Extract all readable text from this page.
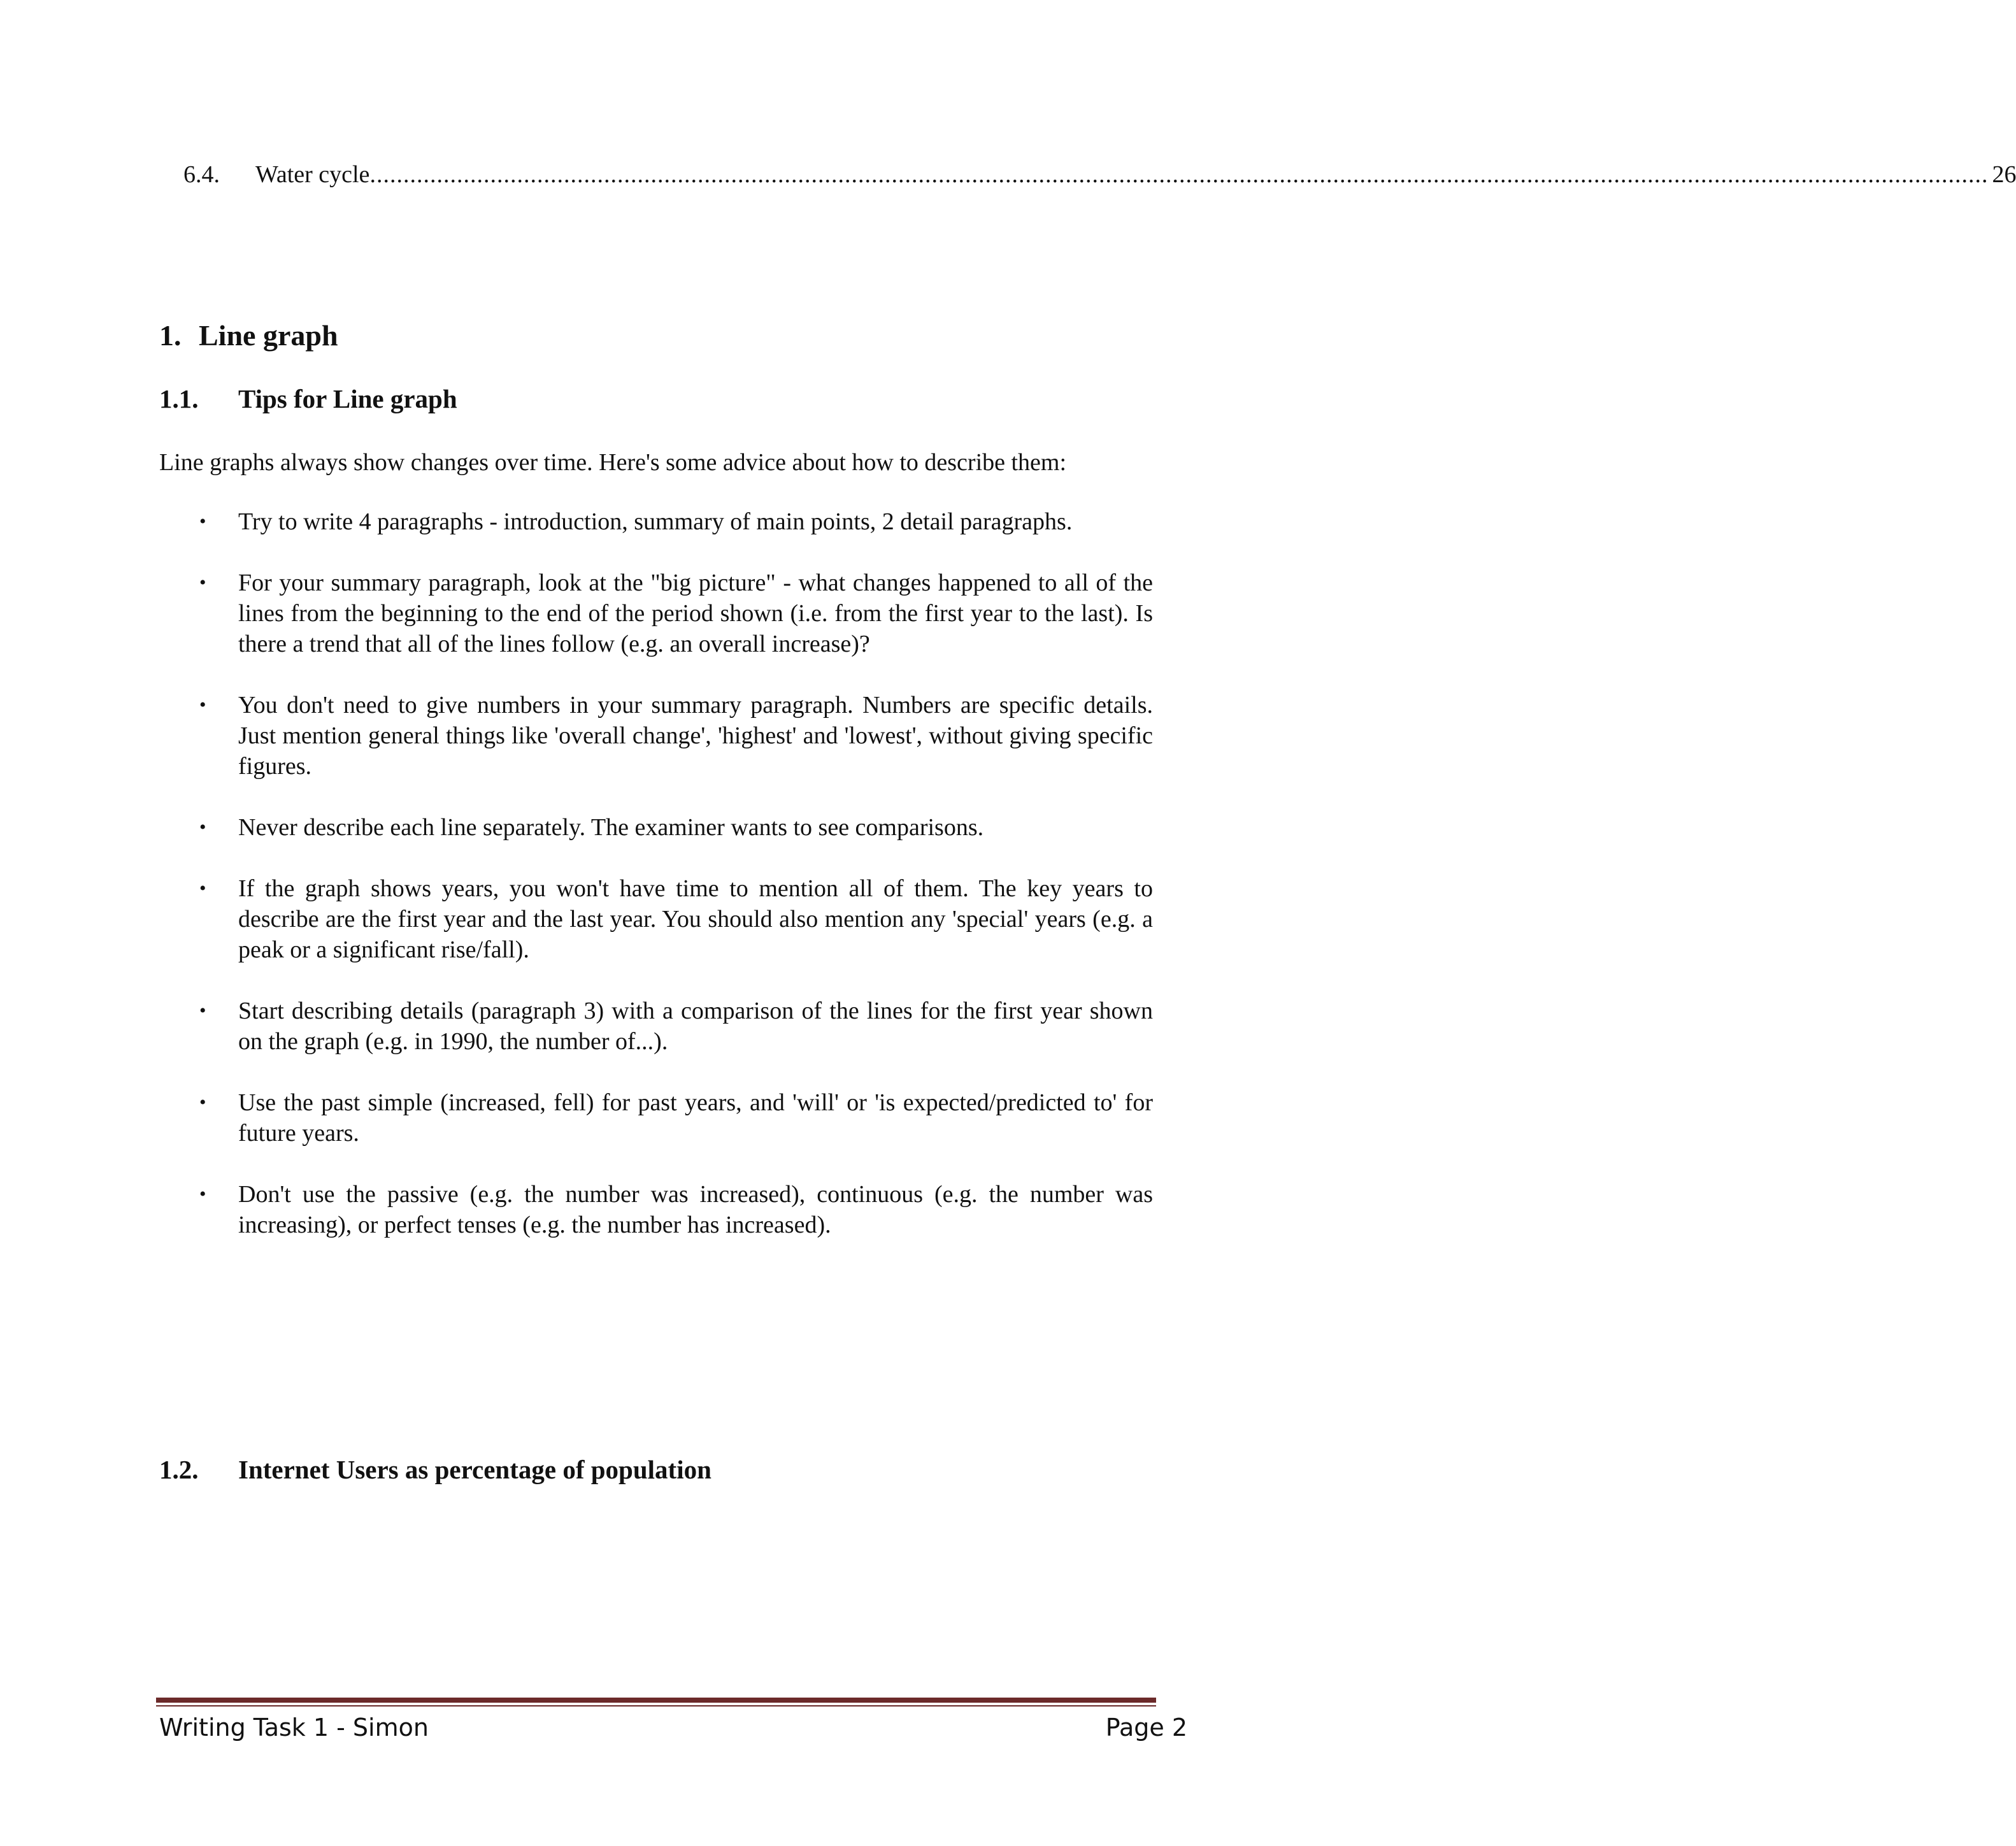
6.4.	Water cycle .................................................................................................................................................................................................................................................. 26
1. Line graph
1.1.	Tips for Line graph
Line graphs always show changes over time. Here's some advice about how to describe them:
• Try to write 4 paragraphs - introduction, summary of main points, 2 detail paragraphs.
• For your summary paragraph, look at the "big picture" - what changes happened to all of the lines from the beginning to the end of the period shown (i.e. from the first year to the last). Is there a trend that all of the lines follow (e.g. an overall increase)?
• You don't need to give numbers in your summary paragraph. Numbers are specific details. Just mention general things like 'overall change', 'highest' and 'lowest', without giving specific figures.
• Never describe each line separately. The examiner wants to see comparisons.
• If the graph shows years, you won't have time to mention all of them. The key years to describe are the first year and the last year. You should also mention any 'special' years (e.g. a peak or a significant rise/fall).
• Start describing details (paragraph 3) with a comparison of the lines for the first year shown on the graph (e.g. in 1990, the number of...).
• Use the past simple (increased, fell) for past years, and 'will' or 'is expected/predicted to' for future years.
• Don't use the passive (e.g. the number was increased), continuous (e.g. the number was increasing), or perfect tenses (e.g. the number has increased).
1.2.	Internet Users as percentage of population
Writing Task 1 - Simon	Page 2
